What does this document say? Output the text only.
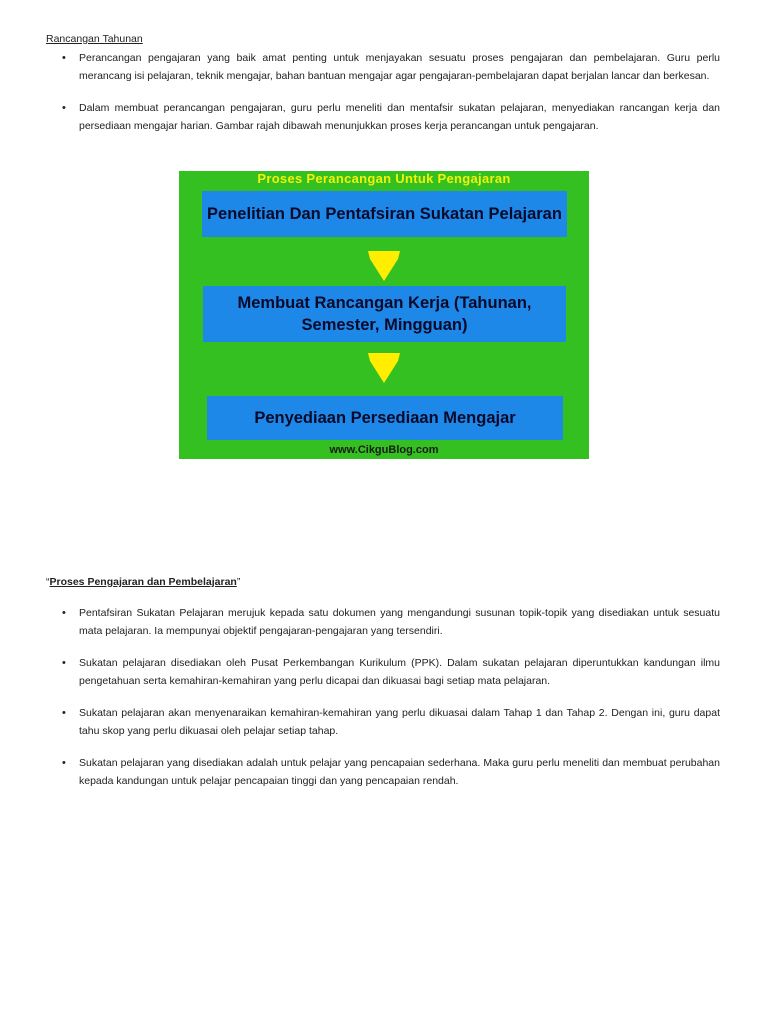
Rancangan Tahunan
• Perancangan pengajaran yang baik amat penting untuk menjayakan sesuatu proses pengajaran dan pembelajaran. Guru perlu merancang isi pelajaran, teknik mengajar, bahan bantuan mengajar agar pengajaran-pembelajaran dapat berjalan lancar dan berkesan.
• Dalam membuat perancangan pengajaran, guru perlu meneliti dan mentafsir sukatan pelajaran, menyediakan rancangan kerja dan persediaan mengajar harian. Gambar rajah dibawah menunjukkan proses kerja perancangan untuk pengajaran.
Proses Perancangan Untuk Pengajaran
Penelitian Dan Pentafsiran Sukatan Pelajaran
Membuat Rancangan Kerja (Tahunan, Semester, Mingguan)
Penyediaan Persediaan Mengajar
www.CikguBlog.com
“Proses Pengajaran dan Pembelajaran”
• Pentafsiran Sukatan Pelajaran merujuk kepada satu dokumen yang mengandungi susunan topik-topik yang disediakan untuk sesuatu mata pelajaran. Ia mempunyai objektif pengajaran-pengajaran yang tersendiri.
• Sukatan pelajaran disediakan oleh Pusat Perkembangan Kurikulum (PPK). Dalam sukatan pelajaran diperuntukkan kandungan ilmu pengetahuan serta kemahiran-kemahiran yang perlu dicapai dan dikuasai bagi setiap mata pelajaran.
• Sukatan pelajaran akan menyenaraikan kemahiran-kemahiran yang perlu dikuasai dalam Tahap 1 dan Tahap 2. Dengan ini, guru dapat tahu skop yang perlu dikuasai oleh pelajar setiap tahap.
• Sukatan pelajaran yang disediakan adalah untuk pelajar yang pencapaian sederhana. Maka guru perlu meneliti dan membuat perubahan kepada kandungan untuk pelajar pencapaian tinggi dan yang pencapaian rendah.
